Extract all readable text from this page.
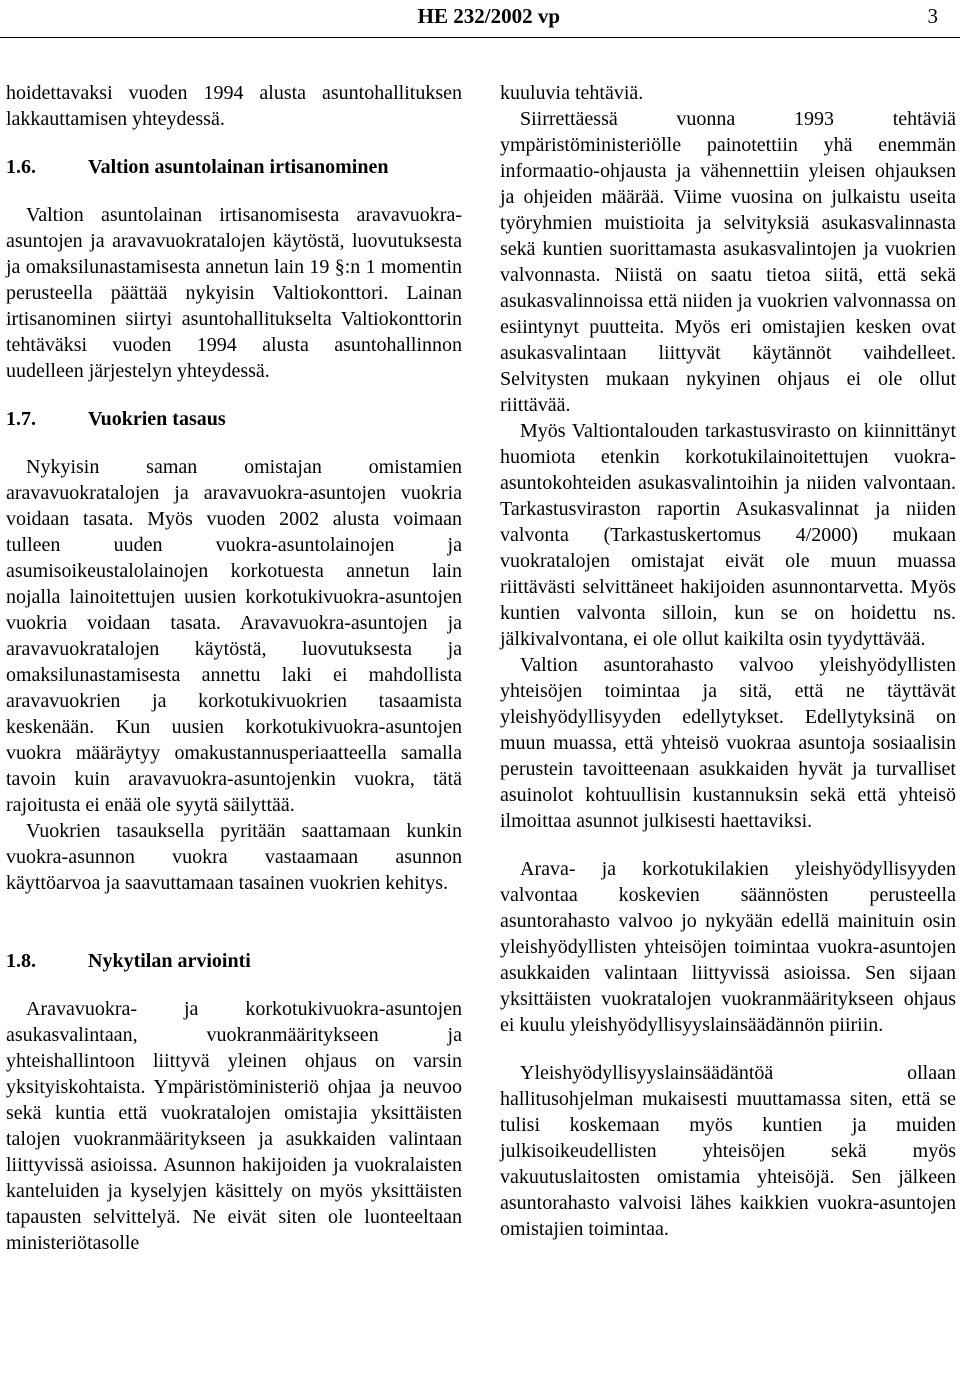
HE 232/2002 vp	3

hoidettavaksi vuoden 1994 alusta asuntohallituksen lakkauttamisen yhteydessä.

1.6.	Valtion asuntolainan irtisanominen

Valtion asuntolainan irtisanomisesta aravavuokra-asuntojen ja aravavuokratalojen käytöstä, luovutuksesta ja omaksilunastamisesta annetun lain 19 §:n 1 momentin perusteella päättää nykyisin Valtiokonttori. Lainan irtisanominen siirtyi asuntohallitukselta Valtiokonttorin tehtäväksi vuoden 1994 alusta asuntohallinnon uudelleen järjestelyn yhteydessä.

1.7.	Vuokrien tasaus

Nykyisin saman omistajan omistamien aravavuokratalojen ja aravavuokra-asuntojen vuokria voidaan tasata. Myös vuoden 2002 alusta voimaan tulleen uuden vuokra-asuntolainojen ja asumisoikeustalolainojen korkotuesta annetun lain nojalla lainoitettujen uusien korkotukivuokra-asuntojen vuokria voidaan tasata. Aravavuokra-asuntojen ja aravavuokratalojen käytöstä, luovutuksesta ja omaksilunastamisesta annettu laki ei mahdollista aravavuokrien ja korkotukivuokrien tasaamista keskenään. Kun uusien korkotukivuokra-asuntojen vuokra määräytyy omakustannusperiaatteella samalla tavoin kuin aravavuokra-asuntojenkin vuokra, tätä rajoitusta ei enää ole syytä säilyttää.

Vuokrien tasauksella pyritään saattamaan kunkin vuokra-asunnon vuokra vastaamaan asunnon käyttöarvoa ja saavuttamaan tasainen vuokrien kehitys.

1.8.	Nykytilan arviointi

Aravavuokra- ja korkotukivuokra-asuntojen asukasvalintaan, vuokranmääritykseen ja yhteishallintoon liittyvä yleinen ohjaus on varsin yksityiskohtaista. Ympäristöministeriö ohjaa ja neuvoo sekä kuntia että vuokratalojen omistajia yksittäisten talojen vuokranmääritykseen ja asukkaiden valintaan liittyvissä asioissa. Asunnon hakijoiden ja vuokralaisten kanteluiden ja kyselyjen käsittely on myös yksittäisten tapausten selvittelyä. Ne eivät siten ole luonteeltaan ministeriötasolle

kuuluvia tehtäviä.

Siirrettäessä vuonna 1993 tehtäviä ympäristöministeriölle painotettiin yhä enemmän informaatio-ohjausta ja vähennettiin yleisen ohjauksen ja ohjeiden määrää. Viime vuosina on julkaistu useita työryhmien muistioita ja selvityksiä asukasvalinnasta sekä kuntien suorittamasta asukasvalintojen ja vuokrien valvonnasta. Niistä on saatu tietoa siitä, että sekä asukasvalinnoissa että niiden ja vuokrien valvonnassa on esiintynyt puutteita. Myös eri omistajien kesken ovat asukasvalintaan liittyvät käytännöt vaihdelleet. Selvitysten mukaan nykyinen ohjaus ei ole ollut riittävää.

Myös Valtiontalouden tarkastusvirasto on kiinnittänyt huomiota etenkin korkotukilainoitettujen vuokra-asuntokohteiden asukasvalintoihin ja niiden valvontaan. Tarkastusviraston raportin Asukasvalinnat ja niiden valvonta (Tarkastuskertomus 4/2000) mukaan vuokratalojen omistajat eivät ole muun muassa riittävästi selvittäneet hakijoiden asunnontarvetta. Myös kuntien valvonta silloin, kun se on hoidettu ns. jälkivalvontana, ei ole ollut kaikilta osin tyydyttävää.

Valtion asuntorahasto valvoo yleishyödyllisten yhteisöjen toimintaa ja sitä, että ne täyttävät yleishyödyllisyyden edellytykset. Edellytyksinä on muun muassa, että yhteisö vuokraa asuntoja sosiaalisin perustein tavoitteenaan asukkaiden hyvät ja turvalliset asuinolot kohtuullisin kustannuksin sekä että yhteisö ilmoittaa asunnot julkisesti haettaviksi.

Arava- ja korkotukilakien yleishyödyllisyyden valvontaa koskevien säännösten perusteella asuntorahasto valvoo jo nykyään edellä mainituin osin yleishyödyllisten yhteisöjen toimintaa vuokra-asuntojen asukkaiden valintaan liittyvissä asioissa. Sen sijaan yksittäisten vuokratalojen vuokranmääritykseen ohjaus ei kuulu yleishyödyllisyyslainsäädännön piiriin.

Yleishyödyllisyyslainsäädäntöä ollaan hallitusohjelman mukaisesti muuttamassa siten, että se tulisi koskemaan myös kuntien ja muiden julkisoikeudellisten yhteisöjen sekä myös vakuutuslaitosten omistamia yhteisöjä. Sen jälkeen asuntorahasto valvoisi lähes kaikkien vuokra-asuntojen omistajien toimintaa.
